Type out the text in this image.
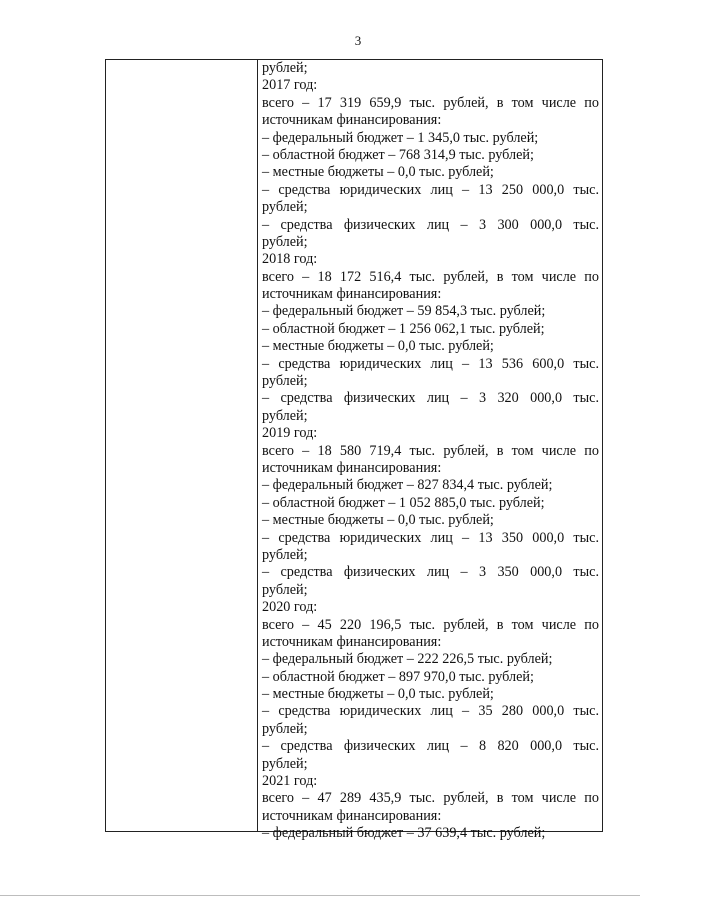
3
рублей;
2017 год:
всего – 17 319 659,9 тыс. рублей, в том числе по
источникам финансирования:
– федеральный бюджет – 1 345,0 тыс. рублей;
– областной бюджет – 768 314,9 тыс. рублей;
– местные бюджеты – 0,0 тыс. рублей;
– средства юридических лиц – 13 250 000,0 тыс.
рублей;
– средства физических лиц – 3 300 000,0 тыс.
рублей;
2018 год:
всего – 18 172 516,4 тыс. рублей, в том числе по
источникам финансирования:
– федеральный бюджет – 59 854,3 тыс. рублей;
– областной бюджет – 1 256 062,1 тыс. рублей;
– местные бюджеты – 0,0 тыс. рублей;
– средства юридических лиц – 13 536 600,0 тыс.
рублей;
– средства физических лиц – 3 320 000,0 тыс.
рублей;
2019 год:
всего – 18 580 719,4 тыс. рублей, в том числе по
источникам финансирования:
– федеральный бюджет – 827 834,4 тыс. рублей;
– областной бюджет – 1 052 885,0 тыс. рублей;
– местные бюджеты – 0,0 тыс. рублей;
– средства юридических лиц – 13 350 000,0 тыс.
рублей;
– средства физических лиц – 3 350 000,0 тыс.
рублей;
2020 год:
всего – 45 220 196,5 тыс. рублей, в том числе по
источникам финансирования:
– федеральный бюджет – 222 226,5 тыс. рублей;
– областной бюджет – 897 970,0 тыс. рублей;
– местные бюджеты – 0,0 тыс. рублей;
– средства юридических лиц – 35 280 000,0 тыс.
рублей;
– средства физических лиц – 8 820 000,0 тыс.
рублей;
2021 год:
всего – 47 289 435,9 тыс. рублей, в том числе по
источникам финансирования:
– федеральный бюджет – 37 639,4 тыс. рублей;
